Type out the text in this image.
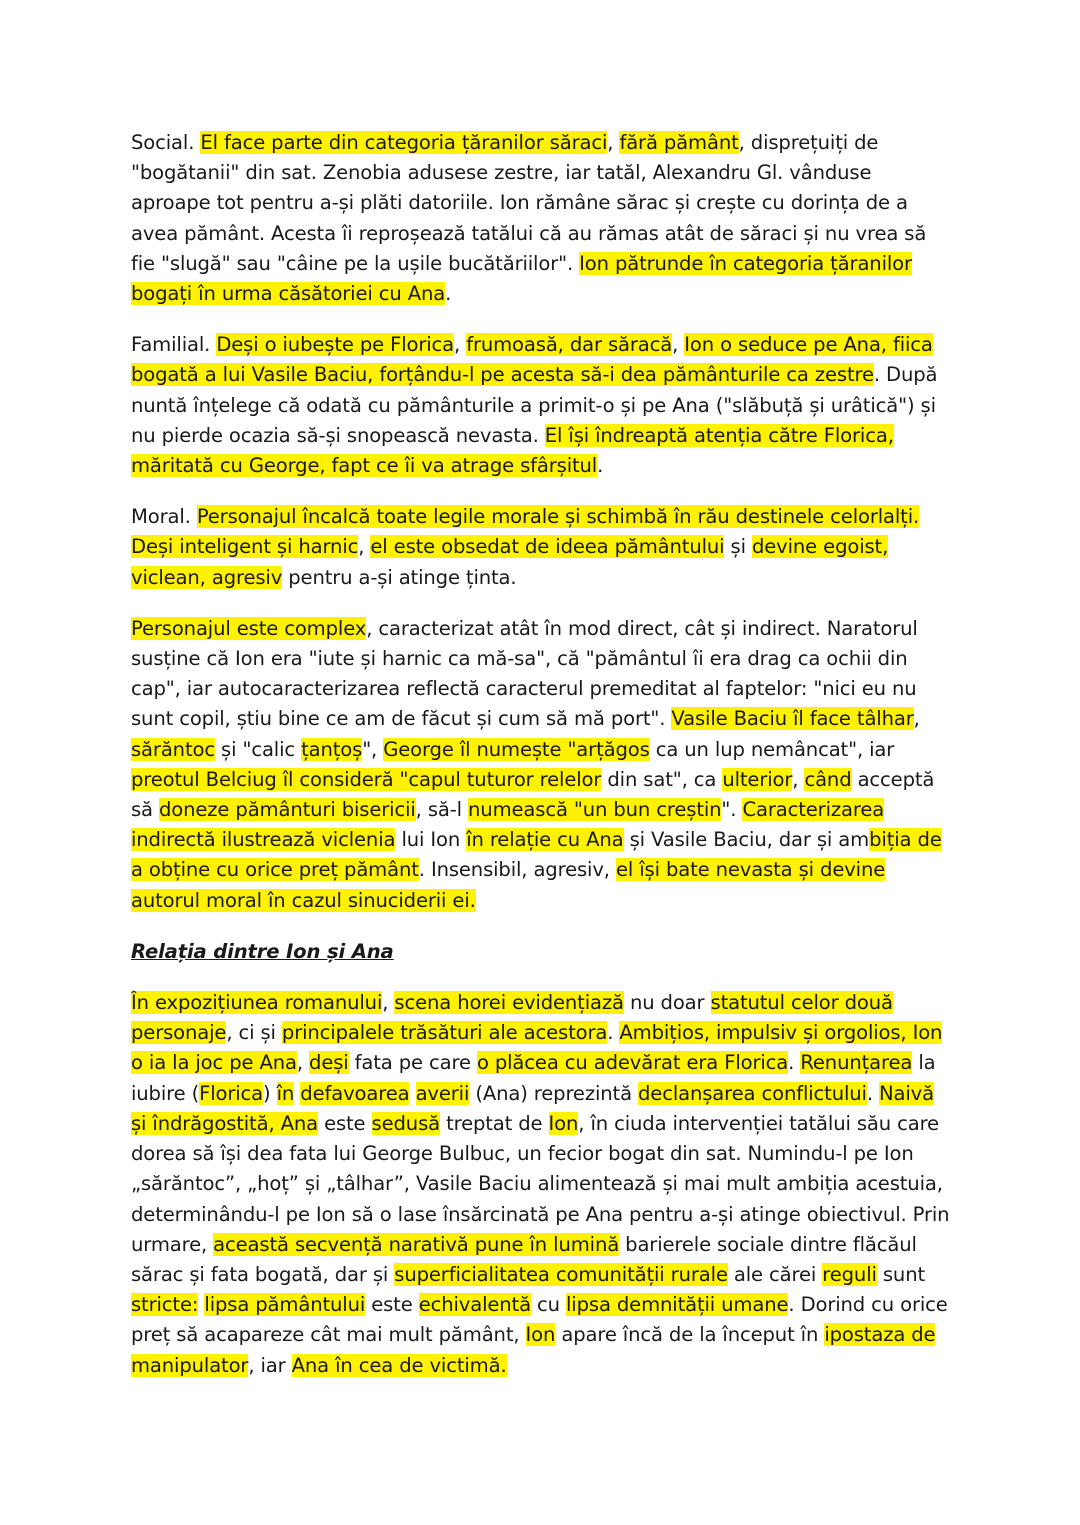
Social. El face parte din categoria țăranilor săraci, fără pământ, disprețuiți de "bogătanii" din sat. Zenobia adusese zestre, iar tatăl, Alexandru Gl. vânduse aproape tot pentru a-și plăti datoriile. Ion rămâne sărac și crește cu dorința de a avea pământ. Acesta îi reproșează tatălui că au rămas atât de săraci și nu vrea să fie "slugă" sau "câine pe la ușile bucătăriilor". Ion pătrunde în categoria țăranilor bogați în urma căsătoriei cu Ana.

Familial. Deși o iubește pe Florica, frumoasă, dar săracă, Ion o seduce pe Ana, fiica bogată a lui Vasile Baciu, forțându-l pe acesta să-i dea pământurile ca zestre. După nuntă înțelege că odată cu pământurile a primit-o și pe Ana ("slăbuță și urâtică") și nu pierde ocazia să-și snopească nevasta. El își îndreaptă atenția către Florica, măritată cu George, fapt ce îi va atrage sfârșitul.

Moral. Personajul încalcă toate legile morale și schimbă în rău destinele celorlalți. Deși inteligent și harnic, el este obsedat de ideea pământului și devine egoist, viclean, agresiv pentru a-și atinge ținta.

Personajul este complex, caracterizat atât în mod direct, cât și indirect. Naratorul susține că Ion era "iute și harnic ca mă-sa", că "pământul îi era drag ca ochii din cap", iar autocaracterizarea reflectă caracterul premeditat al faptelor: "nici eu nu sunt copil, știu bine ce am de făcut și cum să mă port". Vasile Baciu îl face tâlhar, sărăntoc și "calic țanțoș", George îl numește "arțăgos ca un lup nemâncat", iar preotul Belciug îl consideră "capul tuturor relelor din sat", ca ulterior, când acceptă să doneze pământuri bisericii, să-l numească "un bun creștin". Caracterizarea indirectă ilustrează viclenia lui Ion în relație cu Ana și Vasile Baciu, dar și ambiția de a obține cu orice preț pământ. Insensibil, agresiv, el își bate nevasta și devine autorul moral în cazul sinuciderii ei.

Relația dintre Ion și Ana

În expozițiunea romanului, scena horei evidențiază nu doar statutul celor două personaje, ci și principalele trăsături ale acestora. Ambițios, impulsiv și orgolios, Ion o ia la joc pe Ana, deși fata pe care o plăcea cu adevărat era Florica. Renunțarea la iubire (Florica) în defavoarea averii (Ana) reprezintă declanșarea conflictului. Naivă și îndrăgostită, Ana este sedusă treptat de Ion, în ciuda intervenției tatălui său care dorea să își dea fata lui George Bulbuc, un fecior bogat din sat. Numindu-l pe Ion „sărăntoc”, „hoț” și „tâlhar”, Vasile Baciu alimentează și mai mult ambiția acestuia, determinându-l pe Ion să o lase însărcinată pe Ana pentru a-și atinge obiectivul. Prin urmare, această secvență narativă pune în lumină barierele sociale dintre flăcăul sărac și fata bogată, dar și superficialitatea comunității rurale ale cărei reguli sunt stricte: lipsa pământului este echivalentă cu lipsa demnității umane. Dorind cu orice preț să acapareze cât mai mult pământ, Ion apare încă de la început în ipostaza de manipulator, iar Ana în cea de victimă.
